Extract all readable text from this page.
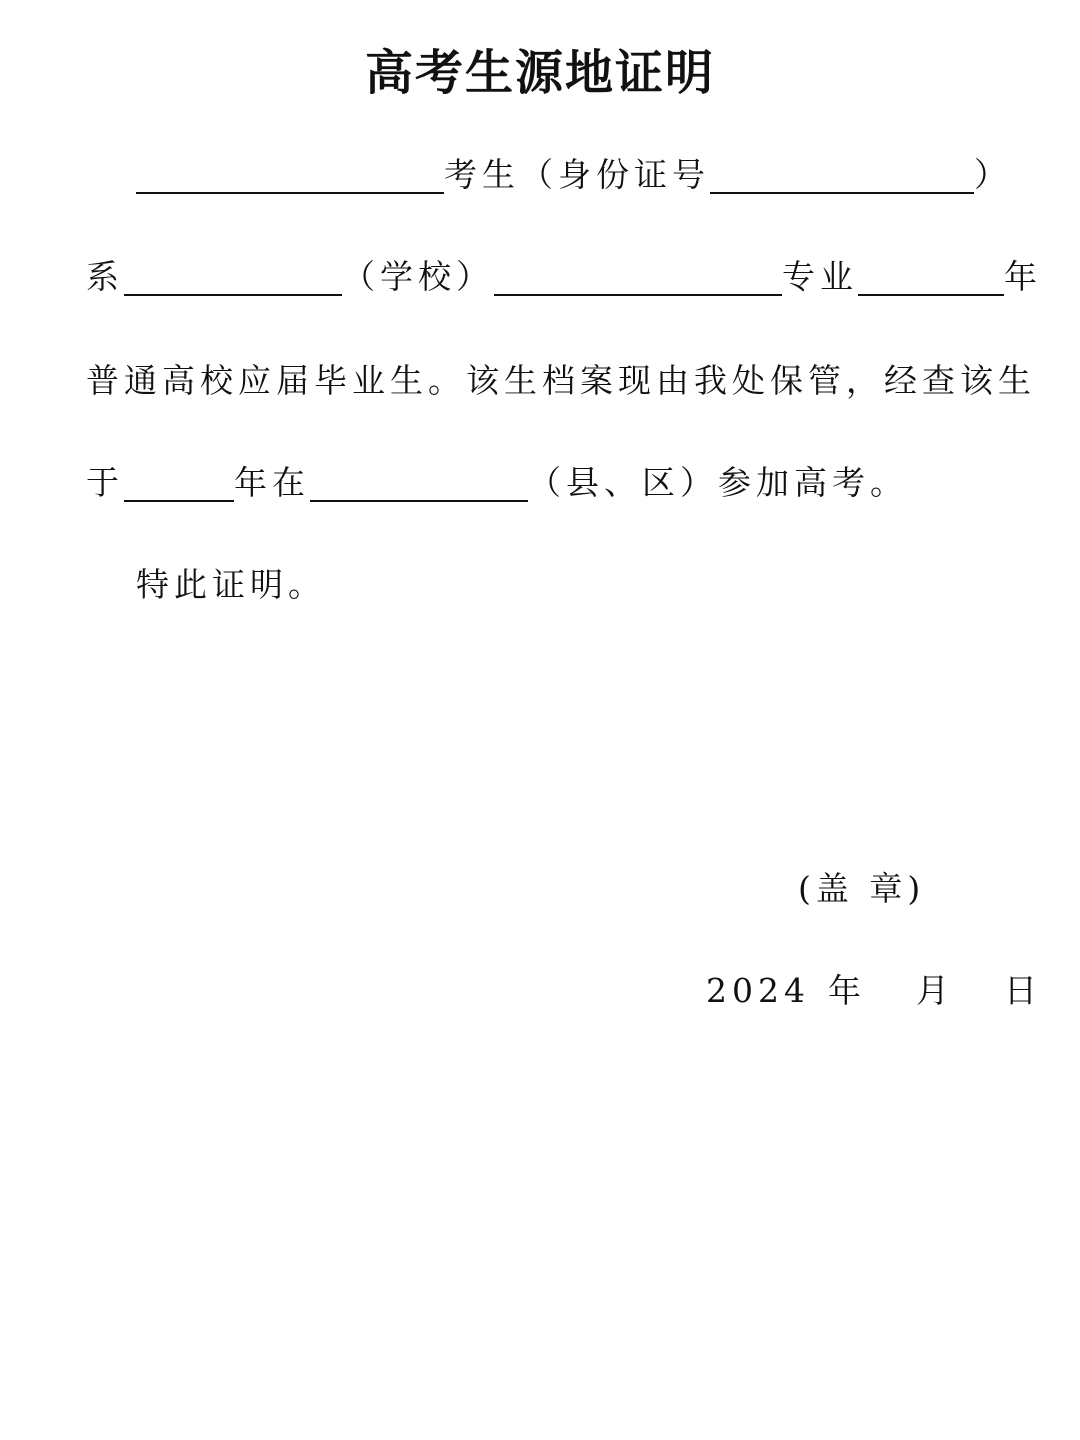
高考生源地证明
考生（身份证号	）
系	（学校）	专业	年
普通高校应届毕业生。该生档案现由我处保管，经查该生
于	年在	（县、区）参加高考。
特此证明。
(盖 章)
2024 年 月 日
